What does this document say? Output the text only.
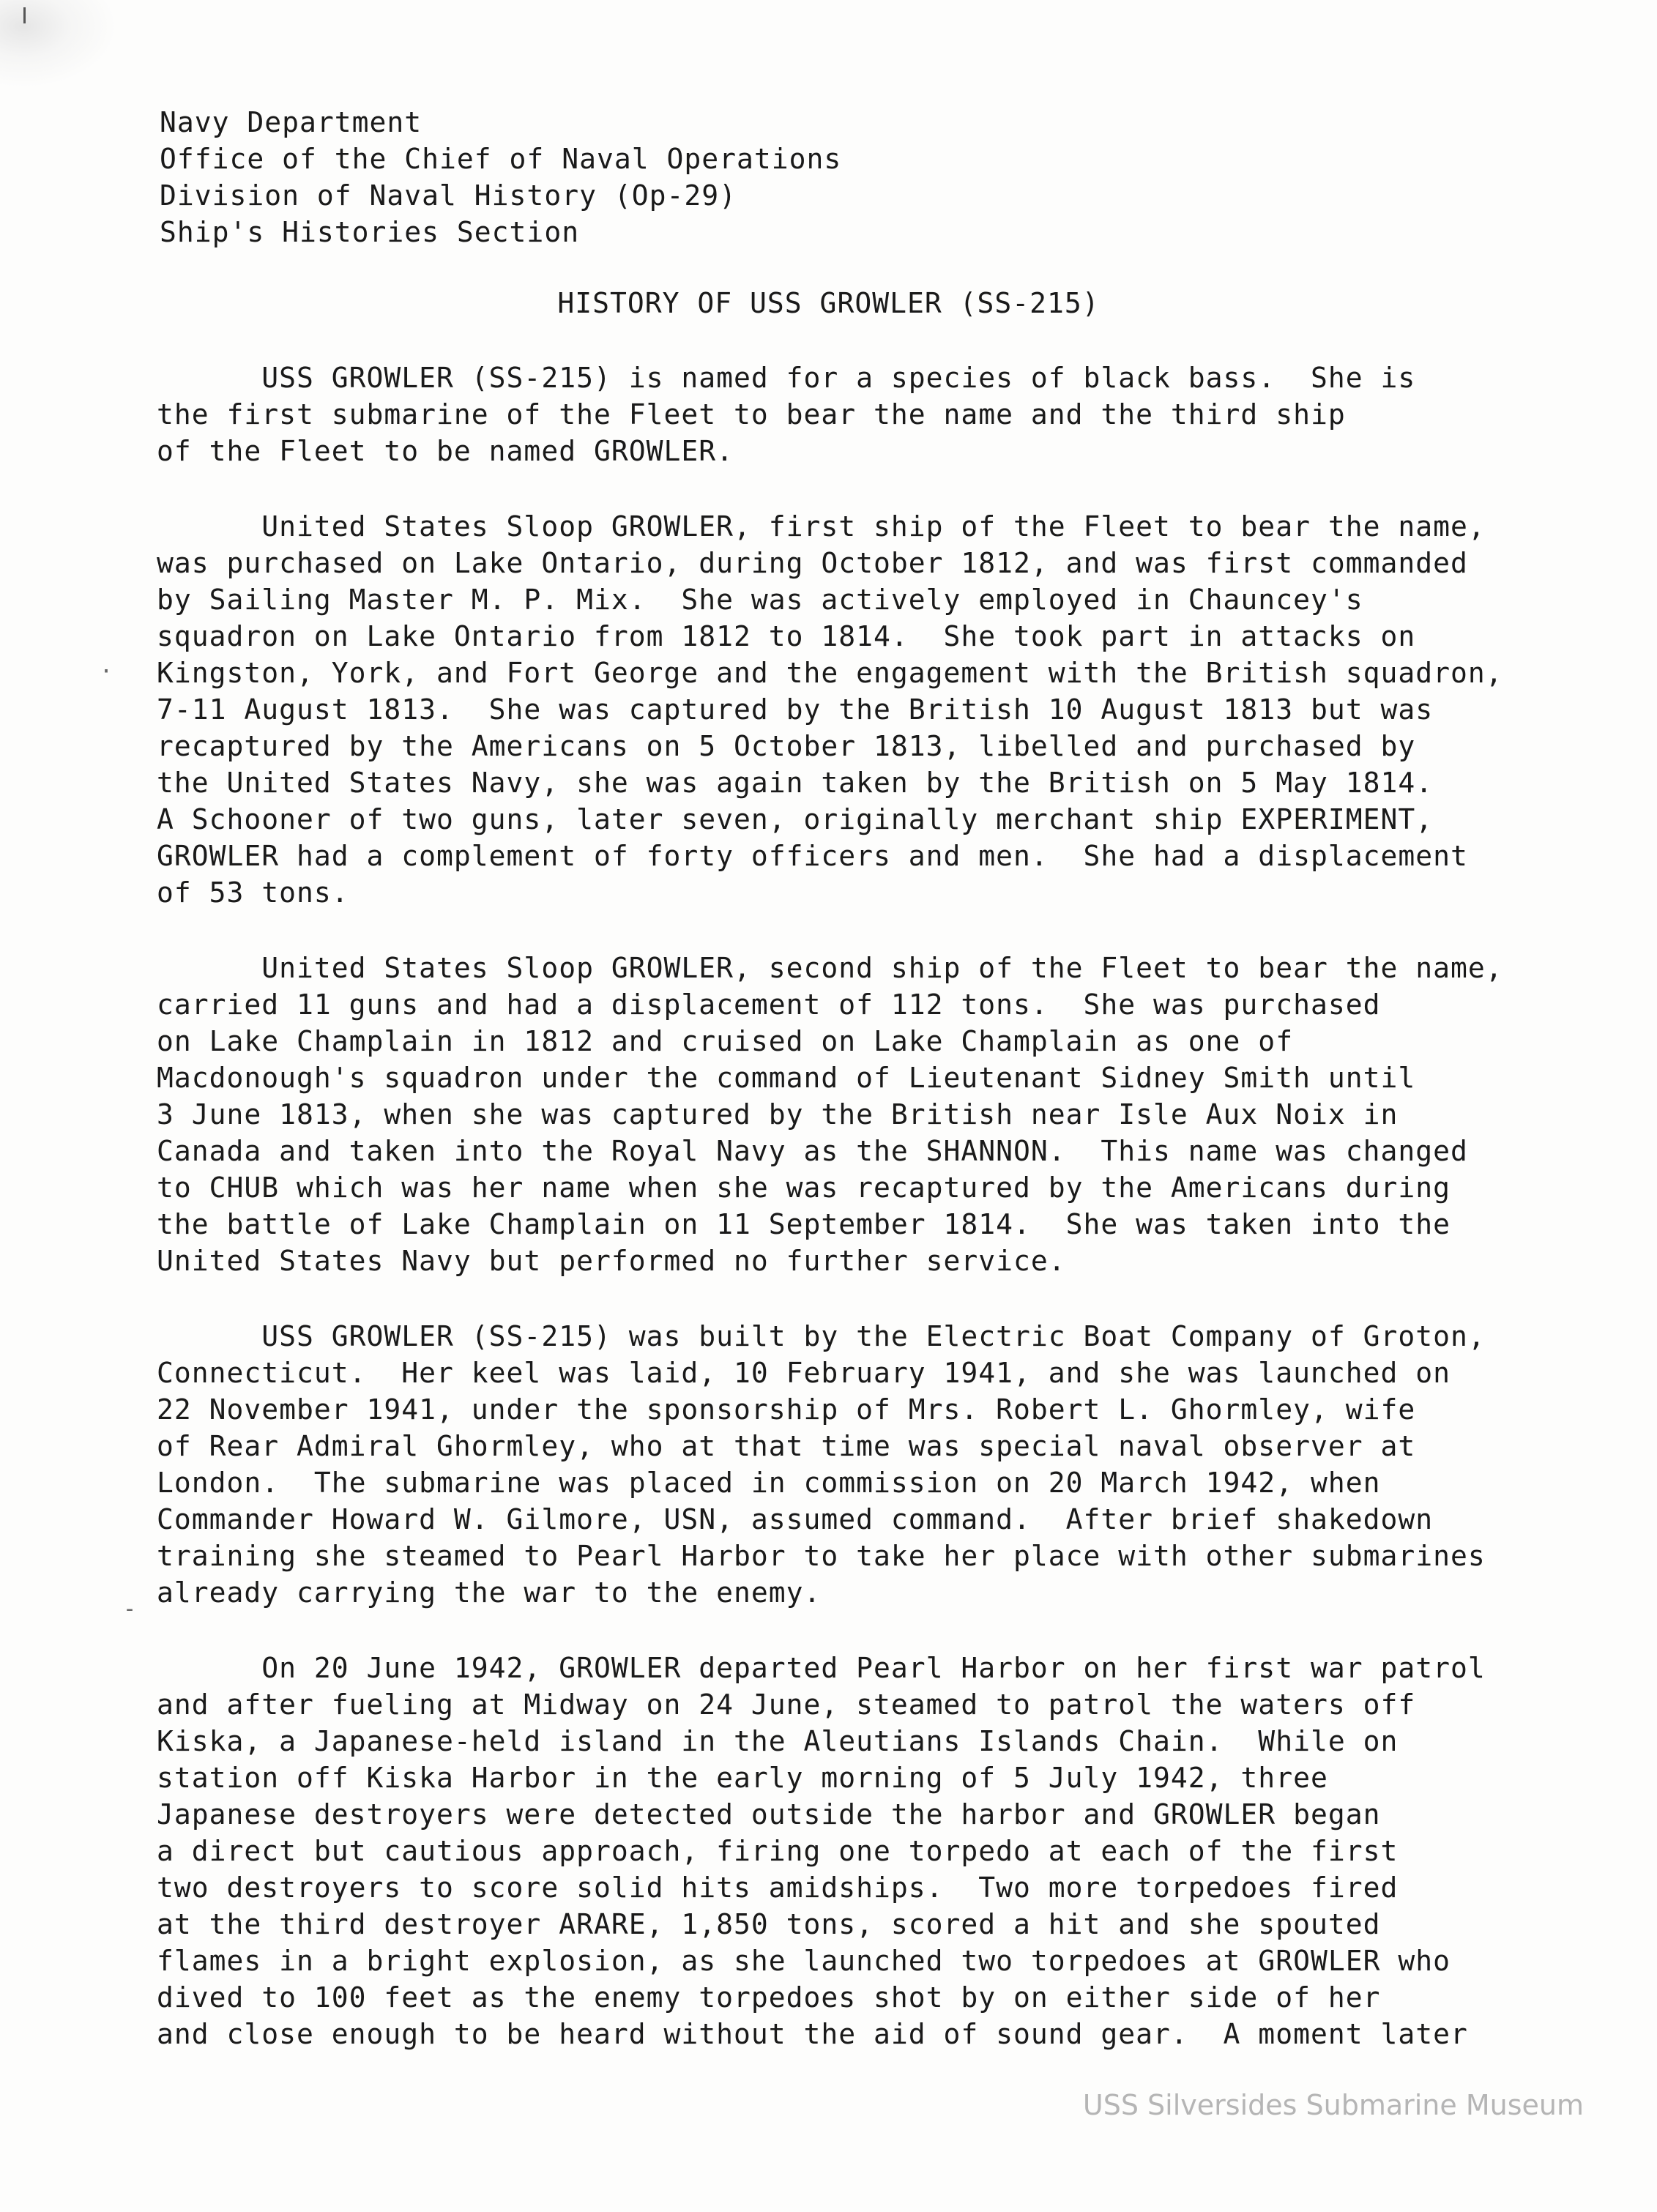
Navy Department
Office of the Chief of Naval Operations
Division of Naval History (Op-29)
Ship's Histories Section
HISTORY OF USS GROWLER (SS-215)
USS GROWLER (SS-215) is named for a species of black bass.  She is
the first submarine of the Fleet to bear the name and the third ship
of the Fleet to be named GROWLER.
United States Sloop GROWLER, first ship of the Fleet to bear the name,
was purchased on Lake Ontario, during October 1812, and was first commanded
by Sailing Master M. P. Mix.  She was actively employed in Chauncey's
squadron on Lake Ontario from 1812 to 1814.  She took part in attacks on
Kingston, York, and Fort George and the engagement with the British squadron,
7-11 August 1813.  She was captured by the British 10 August 1813 but was
recaptured by the Americans on 5 October 1813, libelled and purchased by
the United States Navy, she was again taken by the British on 5 May 1814.
A Schooner of two guns, later seven, originally merchant ship EXPERIMENT,
GROWLER had a complement of forty officers and men.  She had a displacement
of 53 tons.
United States Sloop GROWLER, second ship of the Fleet to bear the name,
carried 11 guns and had a displacement of 112 tons.  She was purchased
on Lake Champlain in 1812 and cruised on Lake Champlain as one of
Macdonough's squadron under the command of Lieutenant Sidney Smith until
3 June 1813, when she was captured by the British near Isle Aux Noix in
Canada and taken into the Royal Navy as the SHANNON.  This name was changed
to CHUB which was her name when she was recaptured by the Americans during
the battle of Lake Champlain on 11 September 1814.  She was taken into the
United States Navy but performed no further service.
USS GROWLER (SS-215) was built by the Electric Boat Company of Groton,
Connecticut.  Her keel was laid, 10 February 1941, and she was launched on
22 November 1941, under the sponsorship of Mrs. Robert L. Ghormley, wife
of Rear Admiral Ghormley, who at that time was special naval observer at
London.  The submarine was placed in commission on 20 March 1942, when
Commander Howard W. Gilmore, USN, assumed command.  After brief shakedown
training she steamed to Pearl Harbor to take her place with other submarines
already carrying the war to the enemy.
On 20 June 1942, GROWLER departed Pearl Harbor on her first war patrol
and after fueling at Midway on 24 June, steamed to patrol the waters off
Kiska, a Japanese-held island in the Aleutians Islands Chain.  While on
station off Kiska Harbor in the early morning of 5 July 1942, three
Japanese destroyers were detected outside the harbor and GROWLER began
a direct but cautious approach, firing one torpedo at each of the first
two destroyers to score solid hits amidships.  Two more torpedoes fired
at the third destroyer ARARE, 1,850 tons, scored a hit and she spouted
flames in a bright explosion, as she launched two torpedoes at GROWLER who
dived to 100 feet as the enemy torpedoes shot by on either side of her
and close enough to be heard without the aid of sound gear.  A moment later
·
-
USS Silversides Submarine Museum
